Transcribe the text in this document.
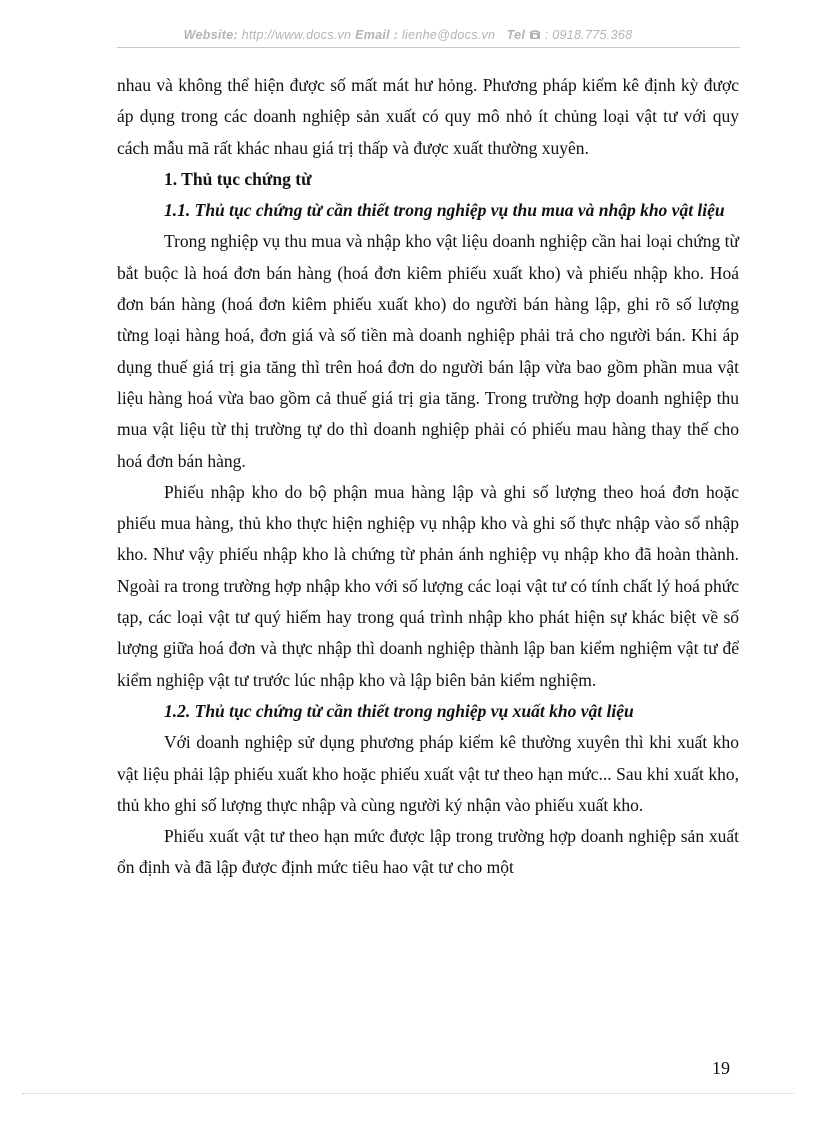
Website: http://www.docs.vn Email : lienhe@docs.vn Tel : 0918.775.368

nhau và không thể hiện được số mất mát hư hỏng. Phương pháp kiểm kê định kỳ được áp dụng trong các doanh nghiệp sản xuất có quy mô nhỏ ít chủng loại vật tư với quy cách mẫu mã rất khác nhau giá trị thấp và được xuất thường xuyên.

1. Thủ tục chứng từ

1.1. Thủ tục chứng từ cần thiết trong nghiệp vụ thu mua và nhập kho vật liệu

Trong nghiệp vụ thu mua và nhập kho vật liệu doanh nghiệp cần hai loại chứng từ bắt buộc là hoá đơn bán hàng (hoá đơn kiêm phiếu xuất kho) và phiếu nhập kho. Hoá đơn bán hàng (hoá đơn kiêm phiếu xuất kho) do người bán hàng lập, ghi rõ số lượng từng loại hàng hoá, đơn giá và số tiền mà doanh nghiệp phải trả cho người bán. Khi áp dụng thuế giá trị gia tăng thì trên hoá đơn do người bán lập vừa bao gồm phần mua vật liệu hàng hoá vừa bao gồm cả thuế giá trị gia tăng. Trong trường hợp doanh nghiệp thu mua vật liệu từ thị trường tự do thì doanh nghiệp phải có phiếu mau hàng thay thế cho hoá đơn bán hàng.

Phiếu nhập kho do bộ phận mua hàng lập và ghi số lượng theo hoá đơn hoặc phiếu mua hàng, thủ kho thực hiện nghiệp vụ nhập kho và ghi số thực nhập vào sổ nhập kho. Như vậy phiếu nhập kho là chứng từ phản ánh nghiệp vụ nhập kho đã hoàn thành. Ngoài ra trong trường hợp nhập kho với số lượng các loại vật tư có tính chất lý hoá phức tạp, các loại vật tư quý hiếm hay trong quá trình nhập kho phát hiện sự khác biệt về số lượng giữa hoá đơn và thực nhập thì doanh nghiệp thành lập ban kiểm nghiệm vật tư để kiểm nghiệp vật tư trước lúc nhập kho và lập biên bản kiểm nghiệm.

1.2. Thủ tục chứng từ cần thiết trong nghiệp vụ xuất kho vật liệu

Với doanh nghiệp sử dụng phương pháp kiểm kê thường xuyên thì khi xuất kho vật liệu phải lập phiếu xuất kho hoặc phiếu xuất vật tư theo hạn mức... Sau khi xuất kho, thủ kho ghi số lượng thực nhập và cùng người ký nhận vào phiếu xuất kho.

Phiếu xuất vật tư theo hạn mức được lập trong trường hợp doanh nghiệp sản xuất ổn định và đã lập được định mức tiêu hao vật tư cho một

19
